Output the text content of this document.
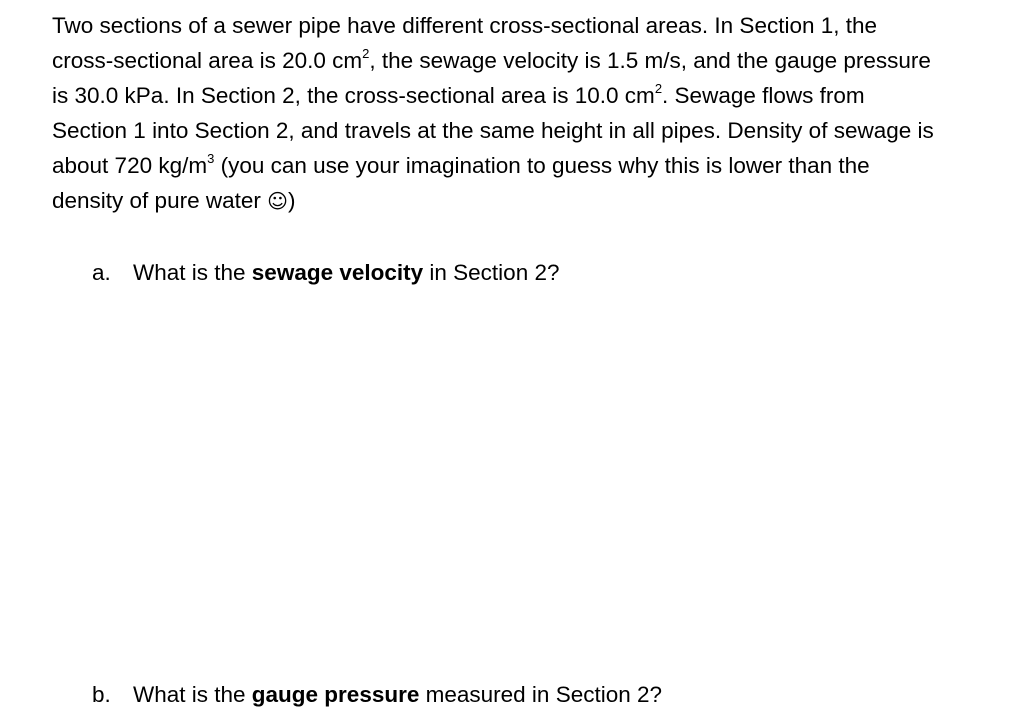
Two sections of a sewer pipe have different cross-sectional areas. In Section 1, the
cross-sectional area is 20.0 $cm^2$, the sewage velocity is 1.5 m/s, and the gauge pressure
is 30.0 kPa. In Section 2, the cross-sectional area is 10.0 $cm^2$. Sewage flows from
Section 1 into Section 2, and travels at the same height in all pipes. Density of sewage is
about 720 $kg/m^3$ (you can use your imagination to guess why this is lower than the
density of pure water ☺)

a. What is the sewage velocity in Section 2?
b. What is the gauge pressure measured in Section 2?
